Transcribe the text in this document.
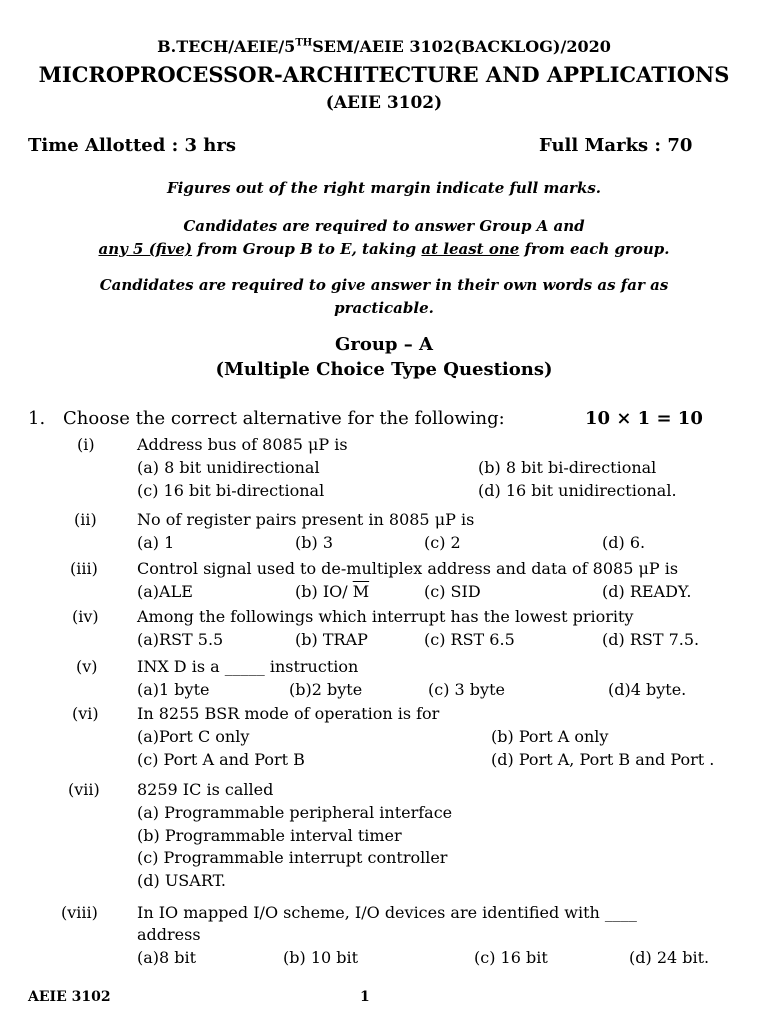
B.TECH/AEIE/5THSEM/AEIE 3102(BACKLOG)/2020
MICROPROCESSOR-ARCHITECTURE AND APPLICATIONS
(AEIE 3102)
Time Allotted : 3 hrs	Full Marks : 70
Figures out of the right margin indicate full marks.
Candidates are required to answer Group A and
any 5 (five) from Group B to E, taking at least one from each group.
Candidates are required to give answer in their own words as far as
practicable.
Group – A
(Multiple Choice Type Questions)
1. Choose the correct alternative for the following:	10 × 1 = 10
(i)	Address bus of 8085 μP is
(a) 8 bit unidirectional	(b) 8 bit bi-directional
(c) 16 bit bi-directional	(d) 16 bit unidirectional.
(ii)	No of register pairs present in 8085 μP is
(a) 1	(b) 3	(c) 2	(d) 6.
(iii) Control signal used to de-multiplex address and data of 8085 μP is
(a)ALE	(b) IO/ $\overline{M}$	(c) SID	(d) READY.
(iv) Among the followings which interrupt has the lowest priority
(a)RST 5.5	(b) TRAP	(c) RST 6.5	(d) RST 7.5.
(v) INX D is a _____ instruction
(a)1 byte	(b)2 byte	(c) 3 byte	(d)4 byte.
(vi) In 8255 BSR mode of operation is for
(a)Port C only	(b) Port A only
(c) Port A and Port B	(d) Port A, Port B and Port .
(vii) 8259 IC is called
(a) Programmable peripheral interface
(b) Programmable interval timer
(c) Programmable interrupt controller
(d) USART.
(viii) In IO mapped I/O scheme, I/O devices are identified with ____
address
(a)8 bit	(b) 10 bit	(c) 16 bit	(d) 24 bit.
AEIE 3102	1
